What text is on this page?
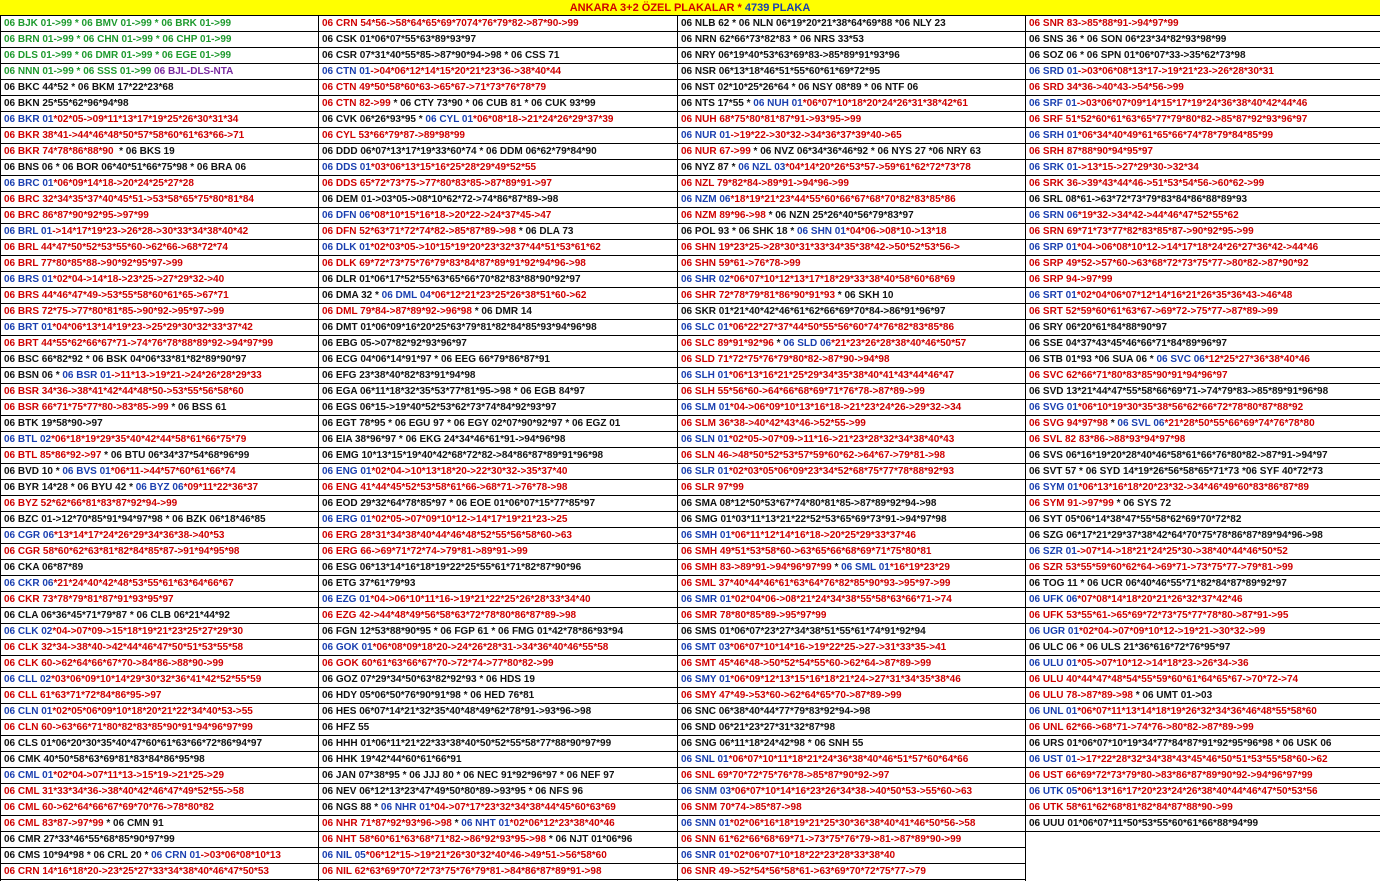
ANKARA 3+2 ÖZEL PLAKALAR * 4739 PLAKA
06 BJK 01->99 * 06 BMV 01->99 * 06 BRK 01->99
06 BRN 01->99 * 06 CHN 01->99 * 06 CHP 01->99
06 DLS 01->99 * 06 DMR 01->99 * 06 EGE 01->99
06 NNN 01->99 * 06 SSS 01->99 06 BJL-DLS-NTA
06 BKC 44*52 * 06 BKM 17*22*23*68
06 BKN 25*55*62*96*94*98
06 BKR 01*02*05->09*11*13*17*19*25*26*30*31*34
06 BKR 38*41->44*46*48*50*57*58*60*61*63*66->71
06 BKR 74*78*86*88*90  * 06 BKS 19
06 BNS 06 * 06 BOR 06*40*51*66*75*98 * 06 BRA 06
06 BRC 01*06*09*14*18->20*24*25*27*28
06 BRC 32*34*35*37*40*45*51->53*58*65*75*80*81*84
06 BRC 86*87*90*92*95->97*99
06 BRL 01->14*17*19*23->26*28->30*33*34*38*40*42
06 BRL 44*47*50*52*53*55*60->62*66->68*72*74
06 BRL 77*80*85*88->90*92*95*97->99
06 BRS 01*02*04->14*18->23*25->27*29*32->40
06 BRS 44*46*47*49->53*55*58*60*61*65->67*71
06 BRS 72*75->77*80*81*85->90*92->95*97->99
06 BRT 01*04*06*13*14*19*23->25*29*30*32*33*37*42
06 BRT 44*55*62*66*67*71->74*76*78*88*89*92->94*97*99
06 BSC 66*82*92 * 06 BSK 04*06*33*81*82*89*90*97
06 BSN 06 * 06 BSR 01->11*13->19*21->24*26*28*29*33
06 BSR 34*36->38*41*42*44*48*50->53*55*56*58*60
06 BSR 66*71*75*77*80->83*85->99 * 06 BSS 61
06 BTK 19*58*90->97
06 BTL 02*06*18*19*29*35*40*42*44*58*61*66*75*79
06 BTL 85*86*92->97 * 06 BTU 06*34*37*54*68*96*99
06 BVD 10 * 06 BVS 01*06*11->44*57*60*61*66*74
06 BYR 14*28 * 06 BYU 42 * 06 BYZ 06*09*11*22*36*37
06 BYZ 52*62*66*81*83*87*92*94->99
06 BZC 01->12*70*85*91*94*97*98 * 06 BZK 06*18*46*85
06 CGR 06*13*14*17*24*26*29*34*36*38->40*53
06 CGR 58*60*62*63*81*82*84*85*87->91*94*95*98
06 CKA 06*87*89
06 CKR 06*21*24*40*42*48*53*55*61*63*64*66*67
06 CKR 73*78*79*81*87*91*93*95*97
06 CLA 06*36*45*71*79*87 * 06 CLB 06*21*44*92
06 CLK 02*04->07*09->15*18*19*21*23*25*27*29*30
06 CLK 32*34->38*40->42*44*46*47*50*51*53*55*58
06 CLK 60->62*64*66*67*70->84*86->88*90->99
06 CLL 02*03*06*09*10*14*29*30*32*36*41*42*52*55*59
06 CLL 61*63*71*72*84*86*95->97
06 CLN 01*02*05*06*09*10*18*20*21*22*34*40*53->55
06 CLN 60->63*66*71*80*82*83*85*90*91*94*96*97*99
06 CLS 01*06*20*30*35*40*47*60*61*63*66*72*86*94*97
06 CMK 40*50*58*63*69*81*83*84*86*95*98
06 CML 01*02*04->07*11*13->15*19->21*25->29
06 CML 31*33*34*36->38*40*42*46*47*49*52*55->58
06 CML 60->62*64*66*67*69*70*76->78*80*82
06 CML 83*87->97*99 * 06 CMN 91
06 CMR 27*33*46*55*68*85*90*97*99
06 CMS 10*94*98 * 06 CRL 20 * 06 CRN 01->03*06*08*10*13
06 CRN 14*16*18*20->23*25*27*33*34*38*40*46*47*50*53
06 CRN 54*56->58*64*65*69*7074*76*79*82->87*90->99
06 CSK 01*06*07*55*63*89*93*97
06 CSR 07*31*40*55*85->87*90*94->98 * 06 CSS 71
06 CTN 01->04*06*12*14*15*20*21*23*36->38*40*44
06 CTN 49*50*58*60*63->65*67->71*73*76*78*79
06 CTN 82->99 * 06 CTY 73*90 * 06 CUB 81 * 06 CUK 93*99
06 CVK 06*26*93*95 * 06 CYL 01*06*08*18->21*24*26*29*37*39
06 CYL 53*66*79*87->89*98*99
06 DDD 06*07*13*17*19*33*60*74 * 06 DDM 06*62*79*84*90
06 DDS 01*03*06*13*15*16*25*28*29*49*52*55
06 DDS 65*72*73*75->77*80*83*85->87*89*91->97
06 DEM 01->03*05->08*10*62*72->74*86*87*89->98
06 DFN 06*08*10*15*16*18->20*22->24*37*45->47
06 DFN 52*63*71*72*74*82->85*87*89->98 * 06 DLA 73
06 DLK 01*02*03*05->10*15*19*20*23*32*37*44*51*53*61*62
06 DLK 69*72*73*75*76*79*83*84*87*89*91*92*94*96->98
06 DLR 01*06*17*52*55*63*65*66*70*82*83*88*90*92*97
06 DMA 32 * 06 DML 04*06*12*21*23*25*26*38*51*60->62
06 DML 79*84->87*89*92->96*98 * 06 DMR 14
06 DMT 01*06*09*16*20*25*63*79*81*82*84*85*93*94*96*98
06 EBG 05->07*82*92*93*96*97
06 ECG 04*06*14*91*97 * 06 EEG 66*79*86*87*91
06 EFG 23*38*40*82*83*91*94*98
06 EGA 06*11*18*32*35*53*77*81*95->98 * 06 EGB 84*97
06 EGS 06*15->19*40*52*53*62*73*74*84*92*93*97
06 EGT 78*95 * 06 EGU 97 * 06 EGY 02*07*90*92*97 * 06 EGZ 01
06 EIA 38*96*97 * 06 EKG 24*34*46*61*91->94*96*98
06 EMG 10*13*15*19*40*42*68*72*82->84*86*87*89*91*96*98
06 ENG 01*02*04->10*13*18*20->22*30*32->35*37*40
06 ENG 41*44*45*52*53*58*61*66->68*71->76*78->98
06 EOD 29*32*64*78*85*97 * 06 EOE 01*06*07*15*77*85*97
06 ERG 01*02*05->07*09*10*12->14*17*19*21*23->25
06 ERG 28*31*34*38*40*44*46*48*52*55*56*58*60->63
06 ERG 66->69*71*72*74->79*81->89*91->99
06 ESG 06*13*14*16*18*19*22*25*55*61*71*82*87*90*96
06 ETG 37*61*79*93
06 EZG 01*04->06*10*11*16->19*21*22*25*26*28*33*34*40
06 EZG 42->44*48*49*56*58*63*72*78*80*86*87*89->98
06 FGN 12*53*88*90*95 * 06 FGP 61 * 06 FMG 01*42*78*86*93*94
06 GOK 01*06*08*09*18*20->24*26*28*31->34*36*40*46*55*58
06 GOK 60*61*63*66*67*70->72*74->77*80*82->99
06 GOZ 07*29*34*50*63*82*92*93 * 06 HDS 19
06 HDY 05*06*50*76*90*91*98 * 06 HED 76*81
06 HES 06*07*14*21*32*35*40*48*49*62*78*91->93*96->98
06 HFZ 55
06 HHH 01*06*11*21*22*33*38*40*50*52*55*58*77*88*90*97*99
06 HHK 19*42*44*60*61*66*91
06 JAN 07*38*95 * 06 JJJ 80 * 06 NEC 91*92*96*97 * 06 NEF 97
06 NEV 06*12*13*23*47*49*50*80*89->93*95 * 06 NFS 96
06 NGS 88 * 06 NHR 01*04->07*17*23*32*34*38*44*45*60*63*69
06 NHR 71*87*92*93*96->98 * 06 NHT 01*02*06*12*23*38*40*46
06 NHT 58*60*61*63*68*71*82->86*92*93*95->98 * 06 NJT 01*06*96
06 NIL 05*06*12*15->19*21*26*30*32*40*46->49*51->56*58*60
06 NIL 62*63*69*70*72*73*75*76*79*81->84*86*87*89*91->98
06 NLB 62 * 06 NLN 06*19*20*21*38*64*69*88 *06 NLY 23
06 NRN 62*66*73*82*83 * 06 NRS 33*53
06 NRY 06*19*40*53*63*69*83->85*89*91*93*96
06 NSR 06*13*18*46*51*55*60*61*69*72*95
06 NST 02*10*25*26*64 * 06 NSY 08*89 * 06 NTF 06
06 NTS 17*55 * 06 NUH 01*06*07*10*18*20*24*26*31*38*42*61
06 NUH 68*75*80*81*87*91->93*95->99
06 NUR 01->19*22->30*32->34*36*37*39*40->65
06 NUR 67->99 * 06 NVZ 06*34*36*46*92 * 06 NYS 27 *06 NRY 63
06 NYZ 87 * 06 NZL 03*04*14*20*26*53*57->59*61*62*72*73*78
06 NZL 79*82*84->89*91->94*96->99
06 NZM 06*18*19*21*23*44*55*60*66*67*68*70*82*83*85*86
06 NZM 89*96->98 * 06 NZN 25*26*40*56*79*83*97
06 POL 93 * 06 SHK 18 * 06 SHN 01*04*06->08*10->13*18
06 SHN 19*23*25->28*30*31*33*34*35*38*42->50*52*53*56->
06 SHN 59*61->76*78->99
06 SHR 02*06*07*10*12*13*17*18*29*33*38*40*58*60*68*69
06 SHR 72*78*79*81*86*90*91*93 * 06 SKH 10
06 SKR 01*21*40*42*46*61*62*66*69*70*84->86*91*96*97
06 SLC 01*06*22*27*37*44*50*55*56*60*74*76*82*83*85*86
06 SLC 89*91*92*96 * 06 SLD 06*21*23*26*28*38*40*46*50*57
06 SLD 71*72*75*76*79*80*82->87*90->94*98
06 SLH 01*06*13*16*21*25*29*34*35*38*40*41*43*44*46*47
06 SLH 55*56*60->64*66*68*69*71*76*78->87*89->99
06 SLM 01*04->06*09*10*13*16*18->21*23*24*26->29*32->34
06 SLM 36*38->40*42*43*46->52*55->99
06 SLN 01*02*05->07*09->11*16->21*23*28*32*34*38*40*43
06 SLN 46->48*50*52*53*57*59*60*62->64*67->79*81->98
06 SLR 01*02*03*05*06*09*23*34*52*68*75*77*78*88*92*93
06 SLR 97*99
06 SMA 08*12*50*53*67*74*80*81*85->87*89*92*94->98
06 SMG 01*03*11*13*21*22*52*53*65*69*73*91->94*97*98
06 SMH 01*06*11*12*14*16*18->20*25*29*33*37*46
06 SMH 49*51*53*58*60->63*65*66*68*69*71*75*80*81
06 SMH 83->89*91->94*96*97*99 * 06 SML 01*16*19*23*29
06 SML 37*40*44*46*61*63*64*76*82*85*90*93->95*97->99
06 SMR 01*02*04*06->08*21*24*34*38*55*58*63*66*71->74
06 SMR 78*80*85*89->95*97*99
06 SMS 01*06*07*23*27*34*38*51*55*61*74*91*92*94
06 SMT 03*06*07*10*14*16->19*22*25->27->31*33*35->41
06 SMT 45*46*48->50*52*54*55*60->62*64->87*89->99
06 SMY 01*06*09*12*13*15*16*18*21*24->27*31*34*35*38*46
06 SMY 47*49->53*60->62*64*65*70->87*89->99
06 SNC 06*38*40*44*77*79*83*92*94->98
06 SND 06*21*23*27*31*32*87*98
06 SNG 06*11*18*24*42*98 * 06 SNH 55
06 SNL 01*06*07*10*11*18*21*24*36*38*40*46*51*57*60*64*66
06 SNL 69*70*72*75*76*78->85*87*90*92->97
06 SNM 03*06*07*10*14*16*23*26*34*38->40*50*53->55*60->63
06 SNM 70*74->85*87->98
06 SNN 01*02*06*16*18*19*21*25*30*36*38*40*41*46*50*56->58
06 SNN 61*62*66*68*69*71->73*75*76*79->81->87*89*90->99
06 SNR 01*02*06*07*10*18*22*23*28*33*38*40
06 SNR 49->52*54*56*58*61->63*69*70*72*75*77->79
06 SNR 83->85*88*91->94*97*99
06 SNS 36 * 06 SON 06*23*34*82*93*98*99
06 SOZ 06 * 06 SPN 01*06*07*33->35*62*73*98
06 SRD 01->03*06*08*13*17->19*21*23->26*28*30*31
06 SRD 34*36->40*43->54*56->99
06 SRF 01->03*06*07*09*14*15*17*19*24*36*38*40*42*44*46
06 SRF 51*52*60*61*63*65*77*79*80*82->85*87*92*93*96*97
06 SRH 01*06*34*40*49*61*65*66*74*78*79*84*85*99
06 SRH 87*88*90*94*95*97
06 SRK 01->13*15->27*29*30->32*34
06 SRK 36->39*43*44*46->51*53*54*56->60*62->99
06 SRL 08*61->63*72*73*79*83*84*86*88*89*93
06 SRN 06*19*32->34*42->44*46*47*52*55*62
06 SRN 69*71*73*77*82*83*85*87->90*92*95->99
06 SRP 01*04->06*08*10*12->14*17*18*24*26*27*36*42->44*46
06 SRP 49*52->57*60->63*68*72*73*75*77->80*82->87*90*92
06 SRP 94->97*99
06 SRT 01*02*04*06*07*12*14*16*21*26*35*36*43->46*48
06 SRT 52*59*60*61*63*67->69*72->75*77->87*89->99
06 SRY 06*20*61*84*88*90*97
06 SSE 04*37*43*45*46*66*71*84*89*96*97
06 STB 01*93 *06 SUA 06 * 06 SVC 06*12*25*27*36*38*40*46
06 SVC 62*66*71*80*83*85*90*91*94*96*97
06 SVD 13*21*44*47*55*58*66*69*71->74*79*83->85*89*91*96*98
06 SVG 01*06*10*19*30*35*38*56*62*66*72*78*80*87*88*92
06 SVG 94*97*98 * 06 SVL 06*21*28*50*55*66*69*74*76*78*80
06 SVL 82 83*86->88*93*94*97*98
06 SVS 06*16*19*20*28*40*46*58*61*66*76*80*82->87*91->94*97
06 SVT 57 * 06 SYD 14*19*26*56*58*65*71*73 *06 SYF 40*72*73
06 SYM 01*06*13*16*18*20*23*32->34*46*49*60*83*86*87*89
06 SYM 91->97*99 * 06 SYS 72
06 SYT 05*06*14*38*47*55*58*62*69*70*72*82
06 SZG 06*17*21*29*37*38*42*64*70*75*78*86*87*89*94*96->98
06 SZR 01->07*14->18*21*24*25*30->38*40*44*46*50*52
06 SZR 53*55*59*60*62*64->69*71->73*75*77->79*81->99
06 TOG 11 * 06 UCR 06*40*46*55*71*82*84*87*89*92*97
06 UFK 06*07*08*14*18*20*21*26*32*37*42*46
06 UFK 53*55*61->65*69*72*73*75*77*78*80->87*91->95
06 UGR 01*02*04->07*09*10*12->19*21->30*32->99
06 ULC 06 * 06 ULS 21*36*616*72*76*95*97
06 ULU 01*05->07*10*12->14*18*23->26*34->36
06 ULU 40*44*47*48*54*55*59*60*61*64*65*67->70*72->74
06 ULU 78->87*89->98 * 06 UMT 01->03
06 UNL 01*06*07*11*13*14*18*19*26*32*34*36*46*48*55*58*60
06 UNL 62*66->68*71->74*76->80*82->87*89->99
06 URS 01*06*07*10*19*34*77*84*87*91*92*95*96*98 * 06 USK 06
06 UST 01->17*22*28*32*34*38*43*45*46*50*51*53*55*58*60->62
06 UST 66*69*72*73*79*80->83*86*87*89*90*92->94*96*97*99
06 UTK 05*06*13*16*17*20*23*24*26*38*40*44*46*47*50*53*56
06 UTK 58*61*62*68*81*82*84*87*88*90->99
06 UUU 01*06*07*11*50*53*55*60*61*66*88*94*99
